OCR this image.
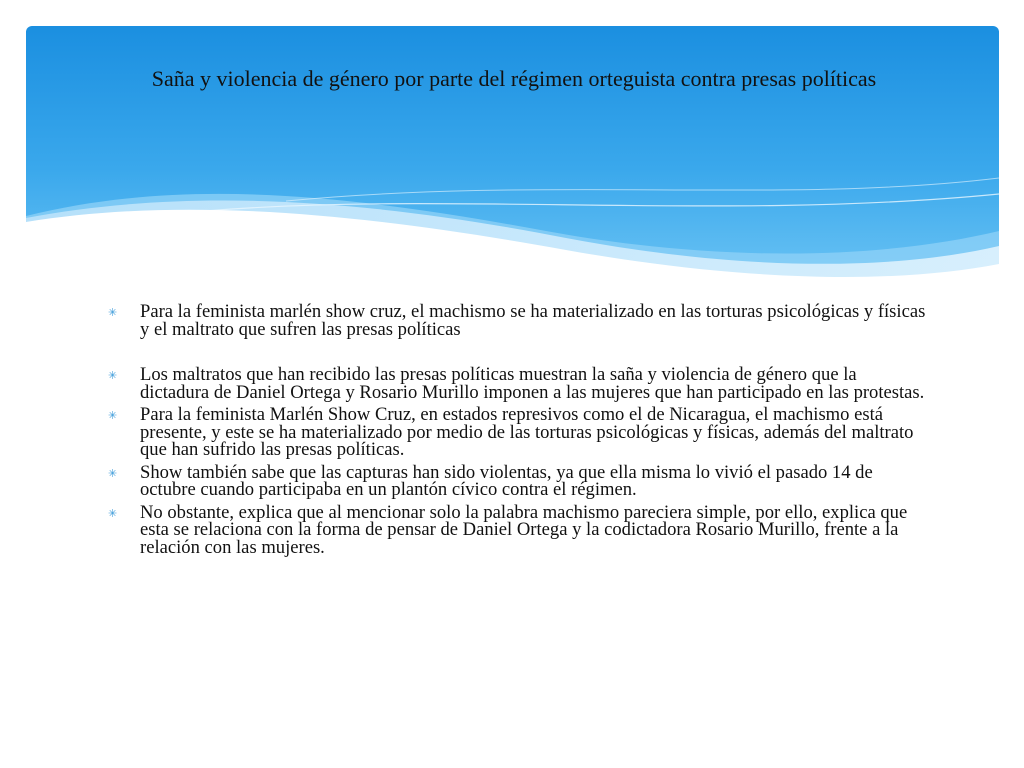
Saña y violencia de género por parte del régimen orteguista contra presas políticas
✳ Para la feminista marlén show cruz, el machismo se ha materializado en las torturas psicológicas y físicas y el maltrato que sufren las presas políticas
✳ Los maltratos que han recibido las presas políticas muestran la saña y violencia de género que la dictadura de Daniel Ortega y Rosario Murillo imponen a las mujeres que han participado en las protestas.
✳ Para la feminista Marlén Show Cruz, en estados represivos como el de Nicaragua, el machismo está presente, y este se ha materializado por medio de las torturas psicológicas y físicas, además del maltrato que han sufrido las presas políticas.
✳ Show también sabe que las capturas han sido violentas, ya que ella misma lo vivió el pasado 14 de octubre cuando participaba en un plantón cívico contra el régimen.
✳ No obstante, explica que al mencionar solo la palabra machismo pareciera simple, por ello, explica que esta se relaciona con la forma de pensar de Daniel Ortega y la codictadora Rosario Murillo, frente a la relación con las mujeres.
